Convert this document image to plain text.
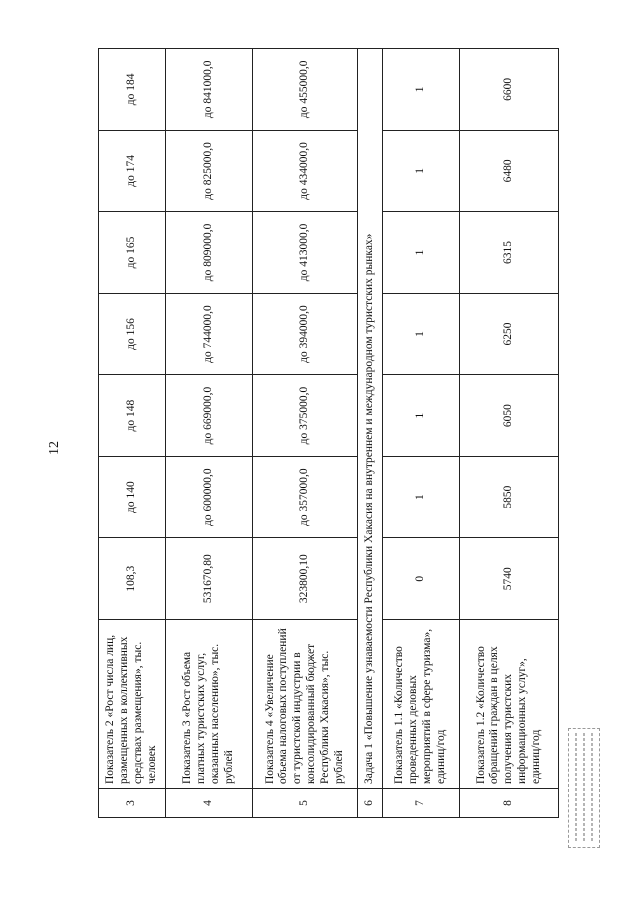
12
3	Показатель 2 «Рост числа лиц, размещенных в коллективных средствах размещения», тыс. человек	108,3	до 140	до 148	до 156	до 165	до 174	до 184
4	Показатель 3 «Рост объема платных туристских услуг, оказанных населению», тыс. рублей	531670,80	до 600000,0	до 669000,0	до 744000,0	до 809000,0	до 825000,0	до 841000,0
5	Показатель 4 «Увеличение объема налоговых поступлений от туристской индустрии в консолидированный бюджет Республики Хакасия», тыс. рублей	323800,10	до 357000,0	до 375000,0	до 394000,0	до 413000,0	до 434000,0	до 455000,0
6	Задача 1 «Повышение узнаваемости Республики Хакасия на внутреннем и международном туристских рынках»							
7	Показатель 1.1 «Количество проведенных деловых мероприятий в сфере туризма», единиц/год	0	1	1	1	1	1	1
8	Показатель 1.2 «Количество обращений граждан в целях получения туристских информационных услуг», единиц/год	5740	5850	6050	6250	6315	6480	6600
